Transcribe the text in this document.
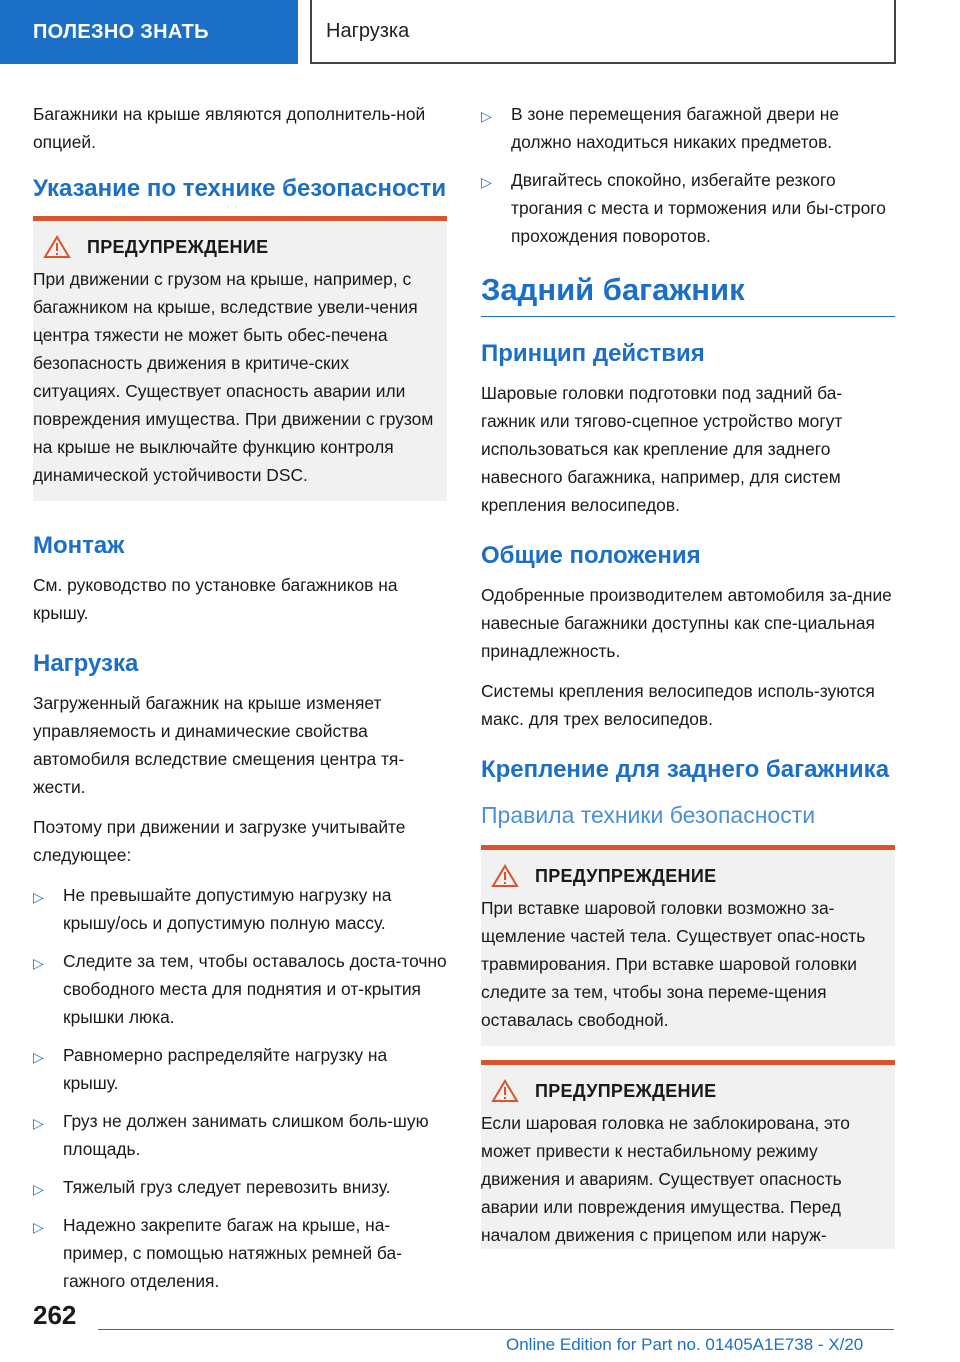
ПОЛЕЗНО ЗНАТЬ	Нагрузка

Багажники на крыше являются дополнитель-ной опцией.

Указание по технике безопасности
ПРЕДУПРЕЖДЕНИЕ

При движении с грузом на крыше, например, с багажником на крыше, вследствие увели-чения центра тяжести не может быть обес-печена безопасность движения в критиче-ских ситуациях. Существует опасность аварии или повреждения имущества. При движении с грузом на крыше не выключайте функцию контроля динамической устойчивости DSC.

Монтаж

См. руководство по установке багажников на крышу.

Нагрузка

Загруженный багажник на крыше изменяет управляемость и динамические свойства автомобиля вследствие смещения центра тя-жести.

Поэтому при движении и загрузке учитывайте следующее:

▷ Не превышайте допустимую нагрузку на крышу/ось и допустимую полную массу.
▷ Следите за тем, чтобы оставалось доста-точно свободного места для поднятия и от-крытия крышки люка.
▷ Равномерно распределяйте нагрузку на крышу.
▷ Груз не должен занимать слишком боль-шую площадь.
▷ Тяжелый груз следует перевозить внизу.
▷ Надежно закрепите багаж на крыше, на-пример, с помощью натяжных ремней ба-гажного отделения.
▷ В зоне перемещения багажной двери не должно находиться никаких предметов.
▷ Двигайтесь спокойно, избегайте резкого трогания с места и торможения или бы-строго прохождения поворотов.
Задний багажник
Принцип действия

Шаровые головки подготовки под задний ба-гажник или тягово-сцепное устройство могут использоваться как крепление для заднего навесного багажника, например, для систем крепления велосипедов.

Общие положения

Одобренные производителем автомобиля за-дние навесные багажники доступны как спе-циальная принадлежность.

Системы крепления велосипедов исполь-зуются макс. для трех велосипедов.

Крепление для заднего багажника
Правила техники безопасности
ПРЕДУПРЕЖДЕНИЕ

При вставке шаровой головки возможно за-щемление частей тела. Существует опас-ность травмирования. При вставке шаровой головки следите за тем, чтобы зона переме-щения оставалась свободной.

ПРЕДУПРЕЖДЕНИЕ

Если шаровая головка не заблокирована, это может привести к нестабильному режиму движения и авариям. Существует опасность аварии или повреждения имущества. Перед началом движения с прицепом или наруж-

262
Online Edition for Part no. 01405A1E738 - X/20
